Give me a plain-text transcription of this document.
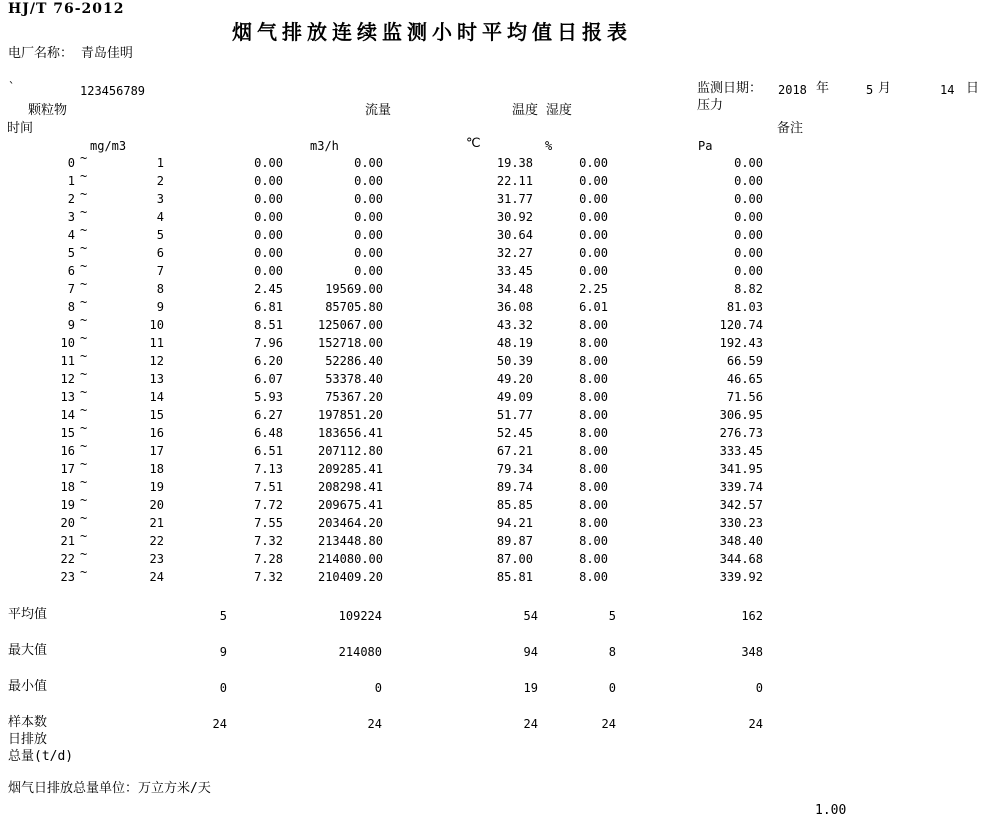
HJ/T 76-2012
烟气排放连续监测小时平均值日报表
电厂名称： 青岛佳明
`	123456789	监测日期： 2018 年	5 月	14 日
颗粒物	流量	温度 湿度	压力
时间	备注
mg/m3	m3/h	℃	%	Pa
0	1	0.00	0.00	19.38	0.00	0.00
~
1	2	0.00	0.00	22.11	0.00	0.00
~
2	3	0.00	0.00	31.77	0.00	0.00
~
3	4	0.00	0.00	30.92	0.00	0.00
~
4	5	0.00	0.00	30.64	0.00	0.00
~
5	6	0.00	0.00	32.27	0.00	0.00
~
6	7	0.00	0.00	33.45	0.00	0.00
~
7	8	2.45	19569.00	34.48	2.25	8.82
~
8	9	6.81	85705.80	36.08	6.01	81.03
~
9	10	8.51	125067.00	43.32	8.00	120.74
~
10	11	7.96	152718.00	48.19	8.00	192.43
~
11	12	6.20	52286.40	50.39	8.00	66.59
~
12	13	6.07	53378.40	49.20	8.00	46.65
~
13	14	5.93	75367.20	49.09	8.00	71.56
~
14	15	6.27	197851.20	51.77	8.00	306.95
~
15	16	6.48	183656.41	52.45	8.00	276.73
~
16	17	6.51	207112.80	67.21	8.00	333.45
~
17	18	7.13	209285.41	79.34	8.00	341.95
~
18	19	7.51	208298.41	89.74	8.00	339.74
~
19	20	7.72	209675.41	85.85	8.00	342.57
~
20	21	7.55	203464.20	94.21	8.00	330.23
~
21	22	7.32	213448.80	89.87	8.00	348.40
~
22	23	7.28	214080.00	87.00	8.00	344.68
~
23	24	7.32	210409.20	85.81	8.00	339.92
~
平均值	5	109224	54	5	162
最大值	9	214080	94	8	348
最小值	0	0	19	0	0
样本数	24	24	24	24	24
日排放
总量(t/d)
烟气日排放总量单位：万立方米/天
1.00
